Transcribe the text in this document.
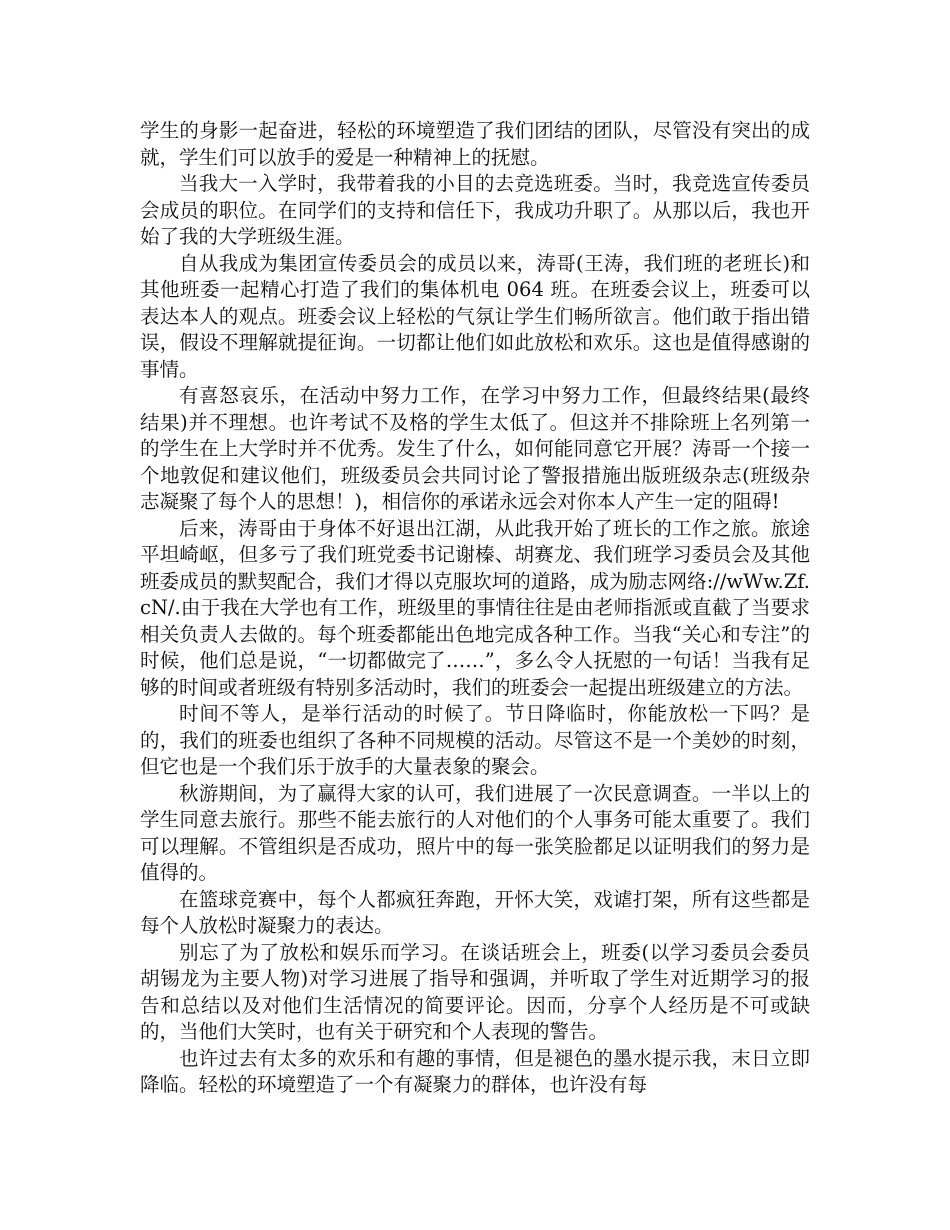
学生的身影一起奋进，轻松的环境塑造了我们团结的团队，尽管没有突出的成就，学生们可以放手的爱是一种精神上的抚慰。

当我大一入学时，我带着我的小目的去竞选班委。当时，我竞选宣传委员会成员的职位。在同学们的支持和信任下，我成功升职了。从那以后，我也开始了我的大学班级生涯。

自从我成为集团宣传委员会的成员以来，涛哥(王涛，我们班的老班长)和其他班委一起精心打造了我们的集体机电 064 班。在班委会议上，班委可以表达本人的观点。班委会议上轻松的气氛让学生们畅所欲言。他们敢于指出错误，假设不理解就提征询。一切都让他们如此放松和欢乐。这也是值得感谢的事情。

有喜怒哀乐，在活动中努力工作，在学习中努力工作，但最终结果(最终结果)并不理想。也许考试不及格的学生太低了。但这并不排除班上名列第一的学生在上大学时并不优秀。发生了什么，如何能同意它开展？涛哥一个接一个地敦促和建议他们，班级委员会共同讨论了警报措施出版班级杂志(班级杂志凝聚了每个人的思想！)，相信你的承诺永远会对你本人产生一定的阻碍!

后来，涛哥由于身体不好退出江湖，从此我开始了班长的工作之旅。旅途平坦崎岖，但多亏了我们班党委书记谢榛、胡赛龙、我们班学习委员会及其他班委成员的默契配合，我们才得以克服坎坷的道路，成为励志网络://wWw.Zf.cN/.由于我在大学也有工作，班级里的事情往往是由老师指派或直截了当要求相关负责人去做的。每个班委都能出色地完成各种工作。当我“关心和专注”的时候，他们总是说，“一切都做完了……”，多么令人抚慰的一句话！当我有足够的时间或者班级有特别多活动时，我们的班委会一起提出班级建立的方法。

时间不等人，是举行活动的时候了。节日降临时，你能放松一下吗？是的，我们的班委也组织了各种不同规模的活动。尽管这不是一个美妙的时刻，但它也是一个我们乐于放手的大量表象的聚会。

秋游期间，为了赢得大家的认可，我们进展了一次民意调查。一半以上的学生同意去旅行。那些不能去旅行的人对他们的个人事务可能太重要了。我们可以理解。不管组织是否成功，照片中的每一张笑脸都足以证明我们的努力是值得的。

在篮球竞赛中，每个人都疯狂奔跑，开怀大笑，戏谑打架，所有这些都是每个人放松时凝聚力的表达。

别忘了为了放松和娱乐而学习。在谈话班会上，班委(以学习委员会委员胡锡龙为主要人物)对学习进展了指导和强调，并听取了学生对近期学习的报告和总结以及对他们生活情况的简要评论。因而，分享个人经历是不可或缺的，当他们大笑时，也有关于研究和个人表现的警告。

也许过去有太多的欢乐和有趣的事情，但是褪色的墨水提示我，末日立即降临。轻松的环境塑造了一个有凝聚力的群体，也许没有每
